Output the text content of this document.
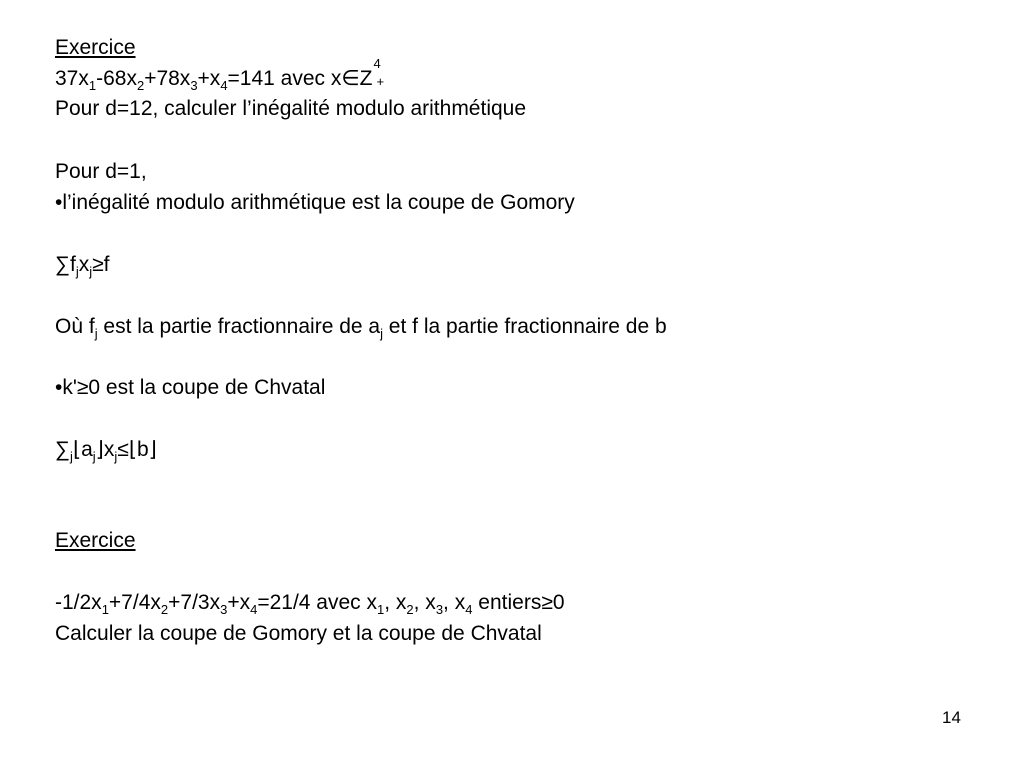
Exercice
$37x_1-68x_2+78x_3+x_4=141$ avec x∈Z
4
+
Pour d=12, calculer l’inégalité modulo arithmétique
Pour d=1,
•l’inégalité modulo arithmétique est la coupe de Gomory
$\sum f_jx_j\ge f$
Où $f_j$ est la partie fractionnaire de $a_j$ et f la partie fractionnaire de b
•k'≥0 est la coupe de Chvatal
$\sum_j⌊a_j⌋x_j\le⌊b⌋$
Exercice
$-1/2x_1+7/4x_2+7/3x_3+x_4=21/4$ avec $x_1$, $x_2$, $x_3$, $x_4$ entiers≥0
Calculer la coupe de Gomory et la coupe de Chvatal
14
